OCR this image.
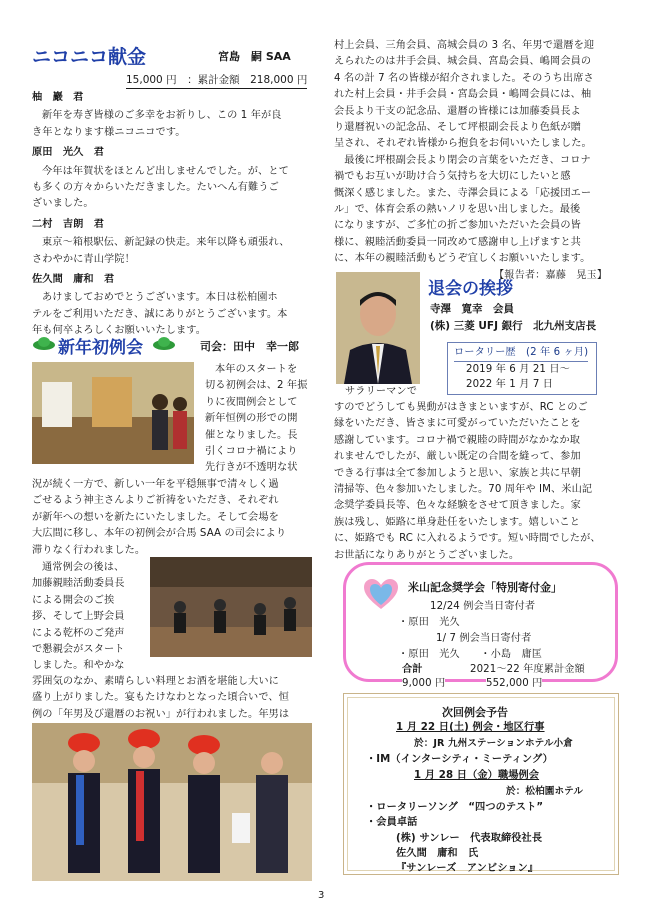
ニコニコ献金	宮島　嗣 SAA
15,000 円　：累計金額　218,000 円
柚　巖　君
新年を寿ぎ皆様のご多幸をお祈りし、この 1 年が良
き年となります様ニコニコです。
原田　光久　君
今年は年賀状をほとんど出しませんでした。が、とて
も多くの方々からいただきました。たいへん有難うご
ざいました。
二村　吉朗　君
東京～箱根駅伝、新記録の快走。来年以降も頑張れ、
さわやかに青山学院！
佐久間　庸和　君
あけましておめでとうございます。本日は松柏園ホ
テルをご利用いただき、誠にありがとうございます。本
年も何卒よろしくお願いいたします。
新年初例会	司会：田中　幸一郎
本年のスタートを
切る初例会は、2 年振
りに夜間例会として
新年恒例の形での開
催となりました。長
引くコロナ禍により
先行きが不透明な状
況が続く一方で、新しい一年を平穏無事で清々しく過
ごせるよう神主さんよりご祈祷をいただき、それぞれ
が新年への想いを新たにいたしました。そして会場を
大広間に移し、本年の初例会が合馬 SAA の司会により
滞りなく行われました。
通常例会の後は、
加藤親睦活動委員長
による開会のご挨
拶、そして上野会員
による乾杯のご発声
で懇親会がスタート
しました。和やかな
雰囲気のなか、素晴らしい料理とお酒を堪能し大いに
盛り上がりました。宴もたけなわとなった頃合いで、恒
例の「年男及び還暦のお祝い」が行われました。年男は
村上会員、三角会員、高城会員の 3 名、年男で還暦を迎
えられたのは井手会員、城会員、宮島会員、嶋岡会員の
4 名の計 7 名の皆様が紹介されました。そのうち出席さ
れた村上会員・井手会員・宮島会員・嶋岡会員には、柚
会長より干支の記念品、還暦の皆様には加藤委員長よ
り還暦祝いの記念品、そして坪根副会長より色紙が贈
呈され、それぞれ皆様から抱負をお伺いいたしました。
　最後に坪根副会長より閉会の言葉をいただき、コロナ
禍でもお互いが助け合う気持ちを大切にしたいと感
慨深く感じました。また、寺澤会員による「応援団エー
ル」で、体育会系の熱いノリを思い出しました。最後
になりますが、ご多忙の折ご参加いただいた会員の皆
様に、親睦活動委員一同改めて感謝申し上げますと共
に、本年の親睦活動もどうぞ宜しくお願いいたします。
【報告者：嘉藤　晃玉】
退会の挨拶
寺澤　寛幸　会員
(株) 三菱 UFJ 銀行　北九州支店長
ロータリー歴　(2 年 6 ヶ月)
2019 年 6 月 21 日～
2022 年 1 月 7 日
サラリーマンで
すのでどうしても異動がはきまといますが、RC とのご
縁をいただき、皆さまに可愛がっていただいたことを
感謝しています。コロナ禍で親睦の時間がなかなか取
れませんでしたが、厳しい既定の合間を縫って、参加
できる行事は全て参加しようと思い、家族と共に早朝
清掃等、色々参加いたしました。70 周年や IM、米山記
念奨学委員長等、色々な経験をさせて頂きました。家
族は残し、姫路に単身赴任をいたします。嬉しいこと
に、姫路でも RC に入れるようです。短い時間でしたが、
お世話になりありがとうございました。
米山記念奨学会「特別寄付金」
12/24 例会当日寄付者
・原田　光久
1/ 7 例会当日寄付者
・原田　光久　　・小島　庸匡
合計	2021～22 年度累計金額
9,000 円	552,000 円
次回例会予告
1 月 22 日(土) 例会・地区行事
於：JR 九州ステーションホテル小倉
・IM（インターシティ・ミーティング）
1 月 28 日（金）職場例会
於：松柏園ホテル
・ロータリーソング　“四つのテスト”
・会員卓話
(株) サンレー　代表取締役社長
佐久間　庸和　氏
『サンレーズ　アンビション』
3
